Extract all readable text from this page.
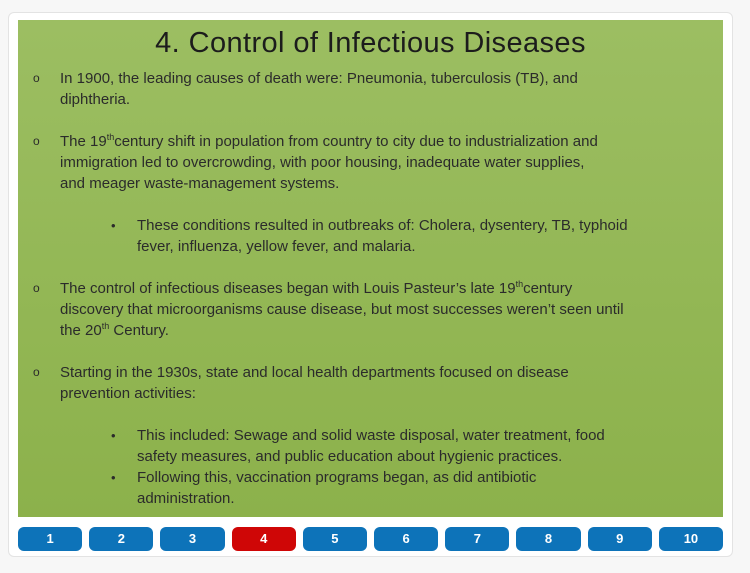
4. Control of Infectious Diseases
o	In 1900, the leading causes of death were: Pneumonia, tuberculosis (TB), and
diphtheria.
o	The 19thcentury shift in population from country to city due to industrialization and
immigration led to overcrowding, with poor housing, inadequate water supplies,
and meager waste-management systems.
•	These conditions resulted in outbreaks of: Cholera, dysentery, TB, typhoid
fever, influenza, yellow fever, and malaria.
o	The control of infectious diseases began with Louis Pasteur’s late 19thcentury
discovery that microorganisms cause disease, but most successes weren’t seen until
the 20th Century.
o	Starting in the 1930s, state and local health departments focused on disease
prevention activities:
•	This included: Sewage and solid waste disposal, water treatment, food
safety measures, and public education about hygienic practices.
•	Following this, vaccination programs began, as did antibiotic
administration.
1	2	3	4	5	6	7	8	9	10
